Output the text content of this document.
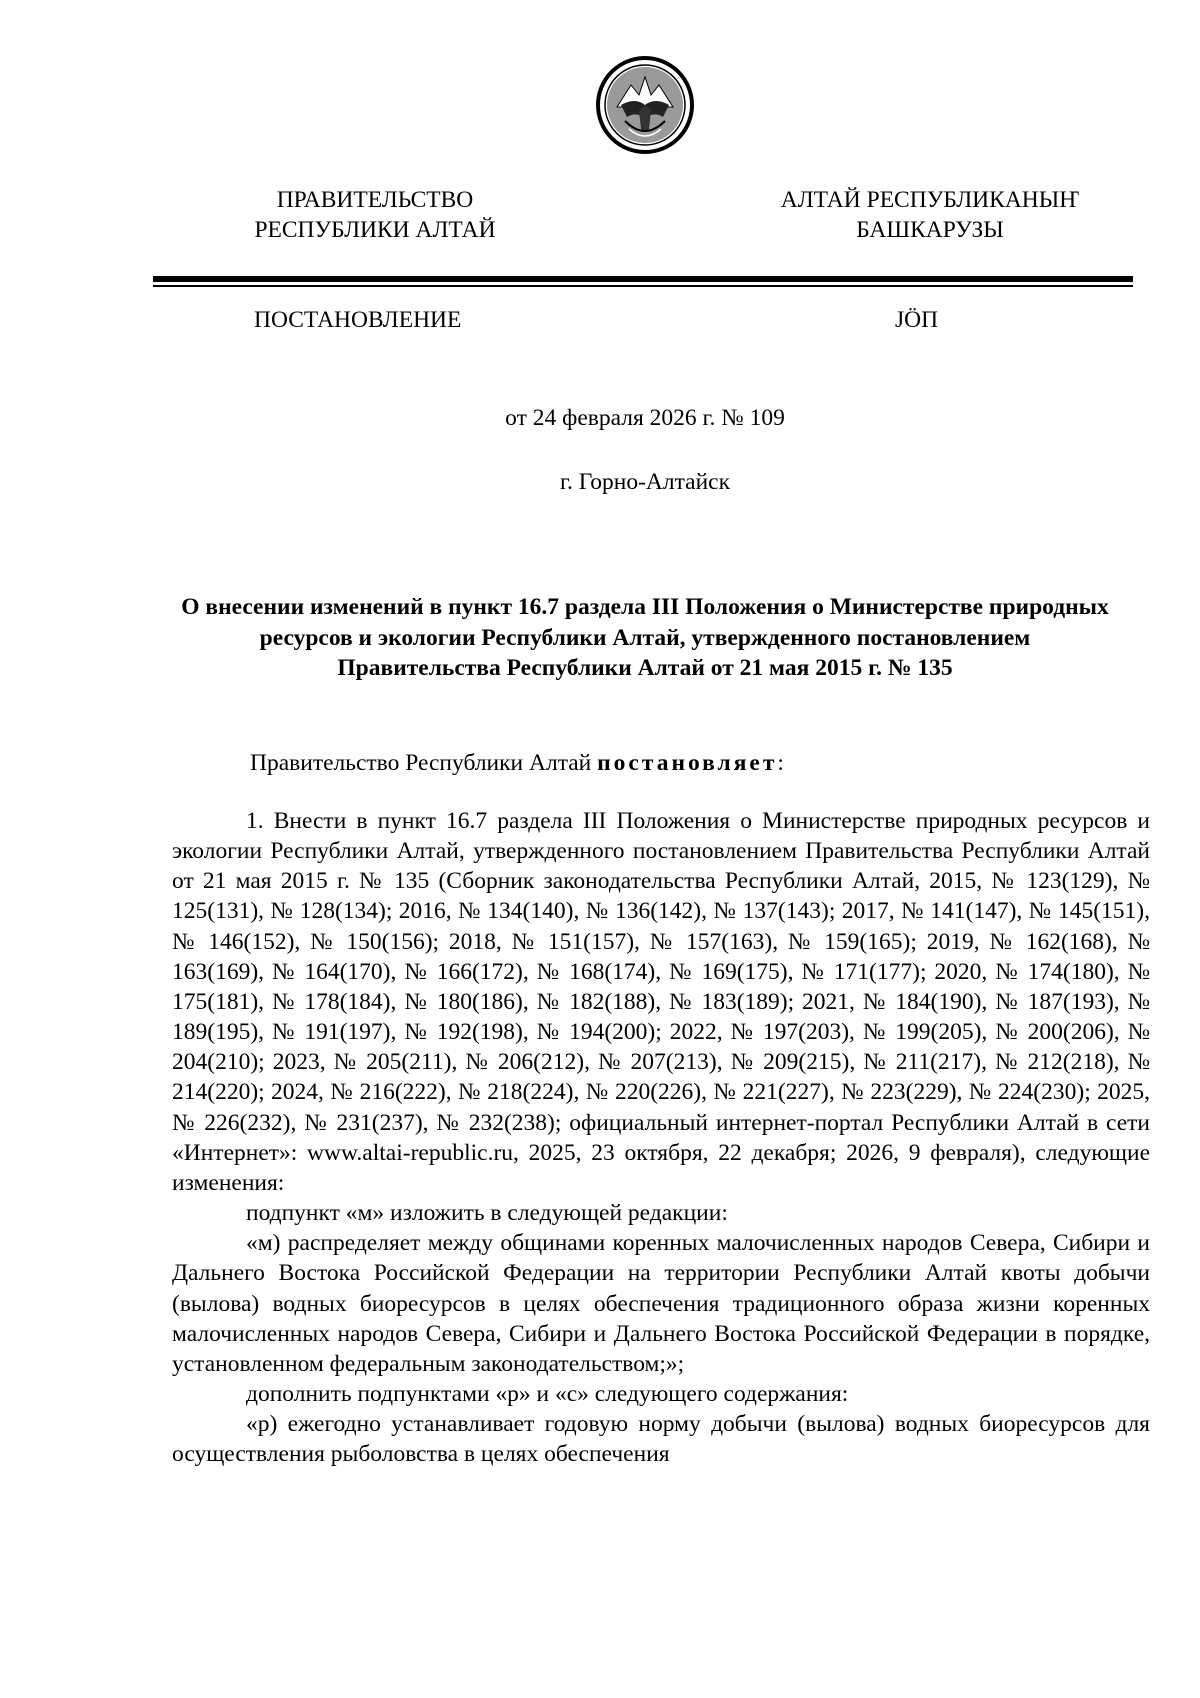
ПРАВИТЕЛЬСТВО
РЕСПУБЛИКИ АЛТАЙ
АЛТАЙ РЕСПУБЛИКАНЫҤ
БАШКАРУЗЫ
ПОСТАНОВЛЕНИЕ	ЈӦП
от 24 февраля 2026 г. № 109
г. Горно-Алтайск
О внесении изменений в пункт 16.7 раздела III Положения о Министерстве природных
ресурсов и экологии Республики Алтай, утвержденного постановлением
Правительства Республики Алтай от 21 мая 2015 г. № 135
Правительство Республики Алтай постановляет:

1. Внести в пункт 16.7 раздела III Положения о Министерстве природных ресурсов и экологии Республики Алтай, утвержденного постановлением Правительства Республики Алтай от 21 мая 2015 г. № 135 (Сборник законодательства Республики Алтай, 2015, № 123(129), № 125(131), № 128(134); 2016, № 134(140), № 136(142), № 137(143); 2017, № 141(147), № 145(151), № 146(152), № 150(156); 2018, № 151(157), № 157(163), № 159(165); 2019, № 162(168), № 163(169), № 164(170), № 166(172), № 168(174), № 169(175), № 171(177); 2020, № 174(180), № 175(181), № 178(184), № 180(186), № 182(188), № 183(189); 2021, № 184(190), № 187(193), № 189(195), № 191(197), № 192(198), № 194(200); 2022, № 197(203), № 199(205), № 200(206), № 204(210); 2023, № 205(211), № 206(212), № 207(213), № 209(215), № 211(217), № 212(218), № 214(220); 2024, № 216(222), № 218(224), № 220(226), № 221(227), № 223(229), № 224(230); 2025, № 226(232), № 231(237), № 232(238); официальный интернет-портал Республики Алтай в сети «Интернет»: www.altai-republic.ru, 2025, 23 октября, 22 декабря; 2026, 9 февраля), следующие изменения:

подпункт «м» изложить в следующей редакции:

«м) распределяет между общинами коренных малочисленных народов Севера, Сибири и Дальнего Востока Российской Федерации на территории Республики Алтай квоты добычи (вылова) водных биоресурсов в целях обеспечения традиционного образа жизни коренных малочисленных народов Севера, Сибири и Дальнего Востока Российской Федерации в порядке, установленном федеральным законодательством;»;

дополнить подпунктами «р» и «с» следующего содержания:

«р) ежегодно устанавливает годовую норму добычи (вылова) водных биоресурсов для осуществления рыболовства в целях обеспечения
